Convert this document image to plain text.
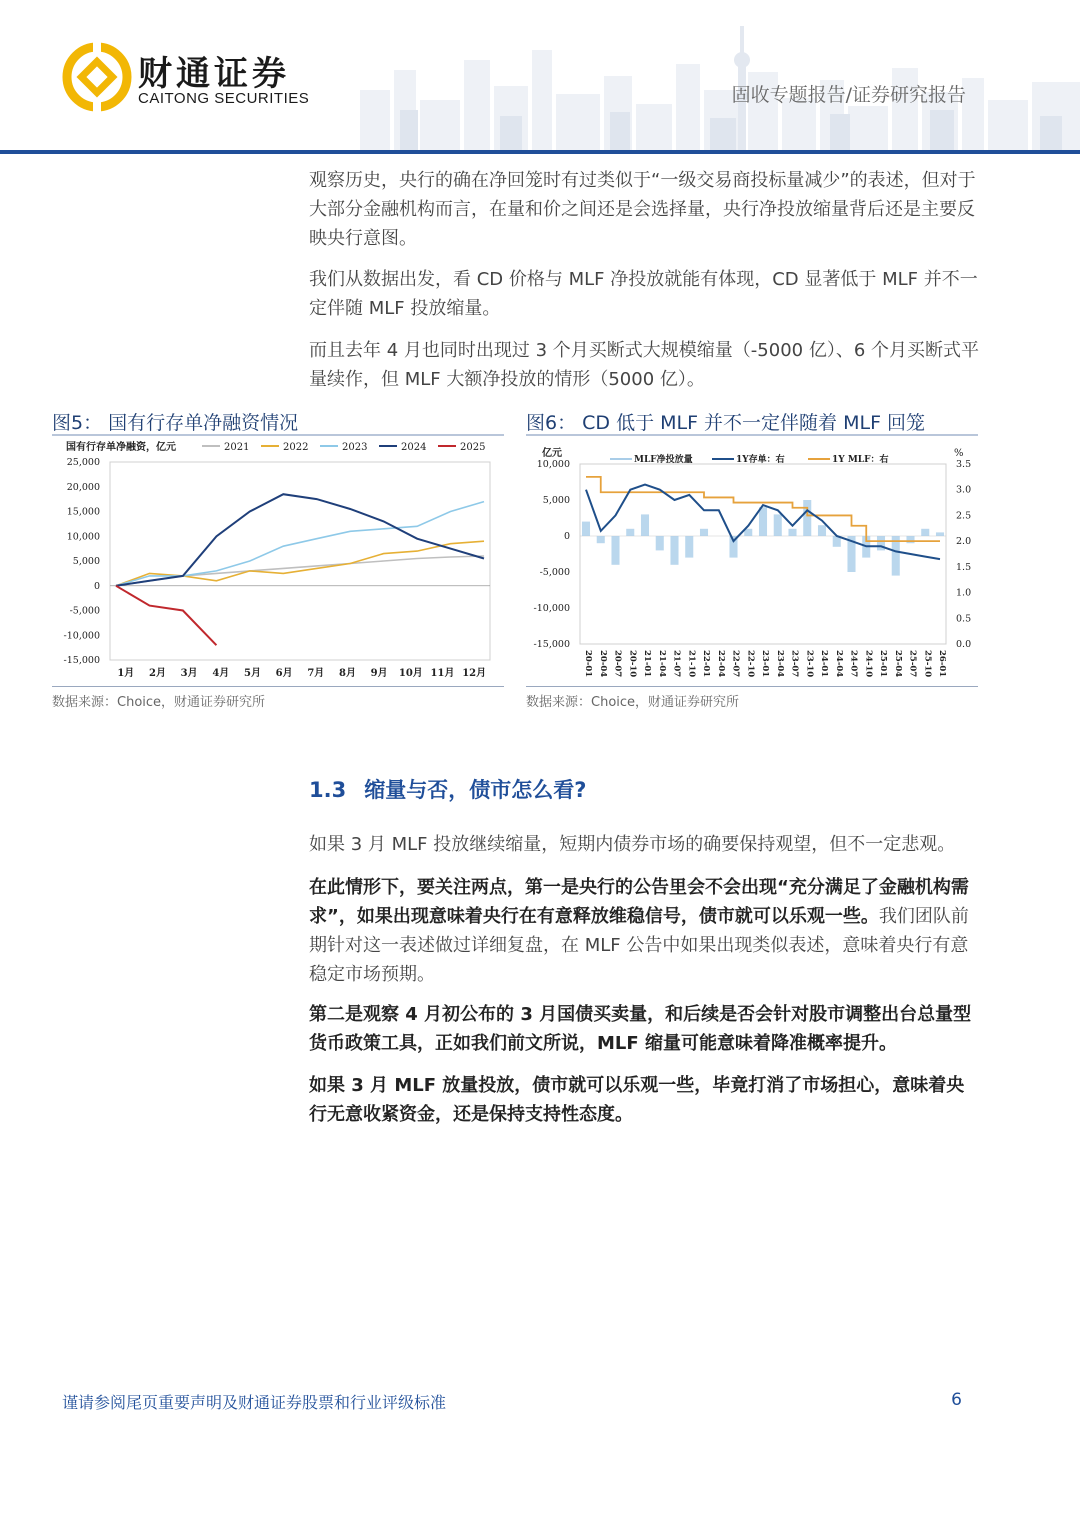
财通证券
CAITONG SECURITIES	固收专题报告/证券研究报告

观察历史，央行的确在净回笼时有过类似于“一级交易商投标量减少”的表述，但对于大部分金融机构而言，在量和价之间还是会选择量，央行净投放缩量背后还是主要反映央行意图。

我们从数据出发，看 CD 价格与 MLF 净投放就能有体现，CD 显著低于 MLF 并不一定伴随 MLF 投放缩量。

而且去年 4 月也同时出现过 3 个月买断式大规模缩量（-5000 亿）、6 个月买断式平量续作，但 MLF 大额净投放的情形（5000 亿）。

图5： 国有行存单净融资情况
国有行存单净融资，亿元	2021	2022	2023	2024	2025
25,000
20,000
15,000
10,000
5,000
0
-5,000
-10,000
-15,000
1月 2月 3月 4月 5月 6月 7月 8月 9月 10月 11月 12月
数据来源：Choice，财通证券研究所
图6： CD 低于 MLF 并不一定伴随着 MLF 回笼
亿元	%
MLF净投放量	1Y存单：右	1Y MLF：右
10,000
5,000
0
-5,000
-10,000
-15,000
3.5
3.0
2.5
2.0
1.5
1.0
0.5
0.0
20-01 20-04 20-07 20-10 21-01 21-04 21-07 21-10 22-01 22-04 22-07 22-10 23-01 23-04 23-07 23-10 24-01 24-04 24-07 24-10 25-01 25-04 25-07 25-10 26-01
数据来源：Choice，财通证券研究所
1.3 缩量与否，债市怎么看?

如果 3 月 MLF 投放继续缩量，短期内债券市场的确要保持观望，但不一定悲观。

在此情形下，要关注两点，第一是央行的公告里会不会出现“充分满足了金融机构需求”，如果出现意味着央行在有意释放维稳信号，债市就可以乐观一些。我们团队前期针对这一表述做过详细复盘，在 MLF 公告中如果出现类似表述，意味着央行有意稳定市场预期。

第二是观察 4 月初公布的 3 月国债买卖量，和后续是否会针对股市调整出台总量型货币政策工具，正如我们前文所说，MLF 缩量可能意味着降准概率提升。

如果 3 月 MLF 放量投放，债市就可以乐观一些，毕竟打消了市场担心，意味着央行无意收紧资金，还是保持支持性态度。

谨请参阅尾页重要声明及财通证券股票和行业评级标准	6
